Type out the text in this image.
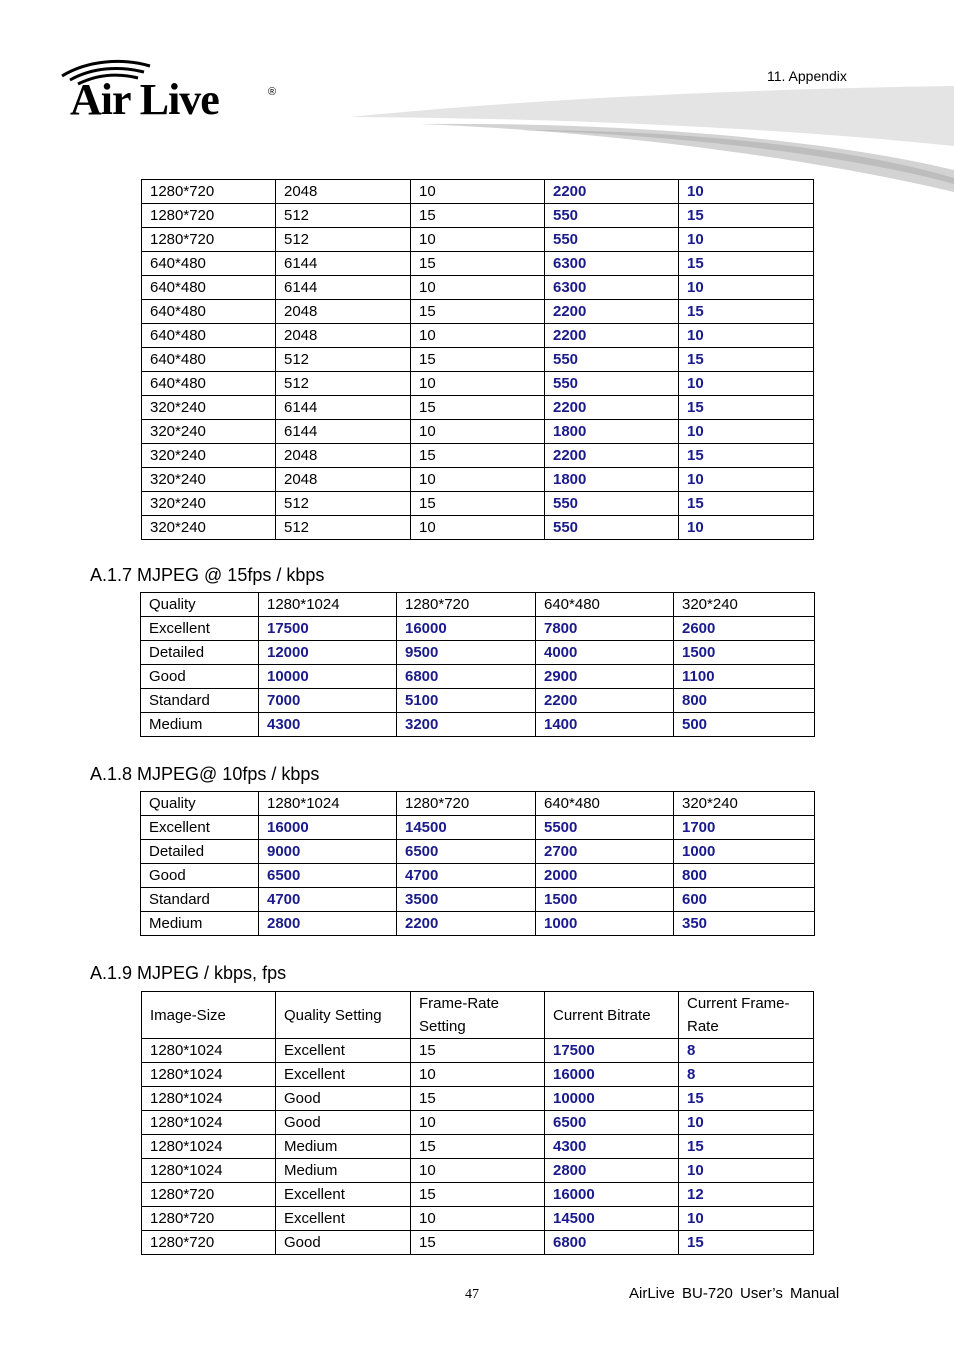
Air Live	®
11. Appendix
1280*720	2048	10	2200	10
1280*720	512	15	550	15
1280*720	512	10	550	10
640*480	6144	15	6300	15
640*480	6144	10	6300	10
640*480	2048	15	2200	15
640*480	2048	10	2200	10
640*480	512	15	550	15
640*480	512	10	550	10
320*240	6144	15	2200	15
320*240	6144	10	1800	10
320*240	2048	15	2200	15
320*240	2048	10	1800	10
320*240	512	15	550	15
320*240	512	10	550	10
A.1.7 MJPEG @ 15fps / kbps
Quality	1280*1024	1280*720	640*480	320*240
Excellent	17500	16000	7800	2600
Detailed	12000	9500	4000	1500
Good	10000	6800	2900	1100
Standard	7000	5100	2200	800
Medium	4300	3200	1400	500
A.1.8 MJPEG@ 10fps / kbps
Quality	1280*1024	1280*720	640*480	320*240
Excellent	16000	14500	5500	1700
Detailed	9000	6500	2700	1000
Good	6500	4700	2000	800
Standard	4700	3500	1500	600
Medium	2800	2200	1000	350
A.1.9 MJPEG / kbps, fps
Image-Size	Quality Setting	Frame-Rate Setting	Current Bitrate	Current Frame-Rate
1280*1024	Excellent	15	17500	8
1280*1024	Excellent	10	16000	8
1280*1024	Good	15	10000	15
1280*1024	Good	10	6500	10
1280*1024	Medium	15	4300	15
1280*1024	Medium	10	2800	10
1280*720	Excellent	15	16000	12
1280*720	Excellent	10	14500	10
1280*720	Good	15	6800	15
47	AirLive BU-720 User’s Manual
